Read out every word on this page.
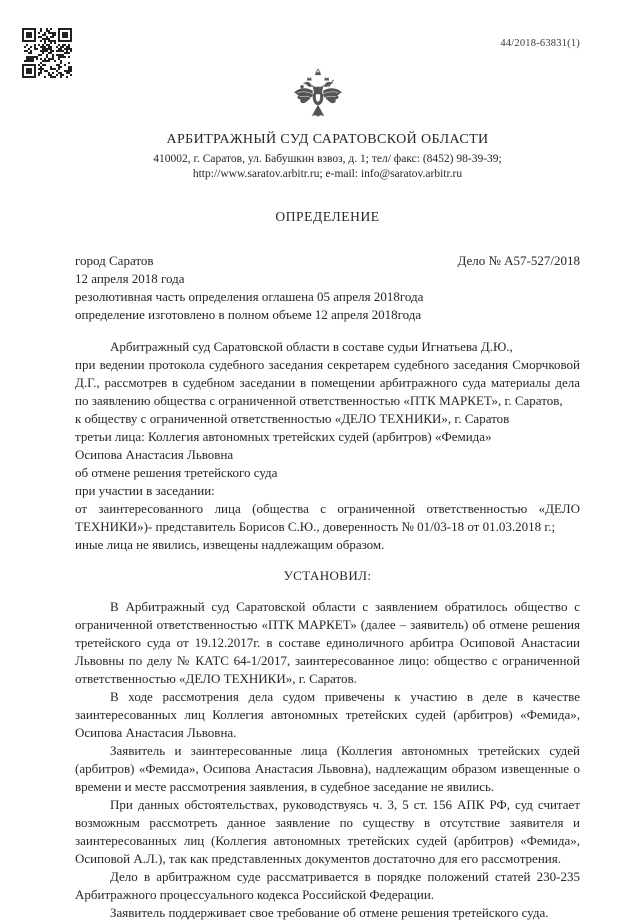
44/2018-63831(1)
АРБИТРАЖНЫЙ СУД САРАТОВСКОЙ ОБЛАСТИ
410002, г. Саратов, ул. Бабушкин взвоз, д. 1; тел/ факс: (8452) 98-39-39;
http://www.saratov.arbitr.ru; e-mail: info@saratov.arbitr.ru
ОПРЕДЕЛЕНИЕ
город Саратов	Дело № А57-527/2018

12 апреля 2018 года

резолютивная часть определения оглашена 05 апреля 2018года

определение изготовлено в полном объеме 12 апреля 2018года

Арбитражный суд Саратовской области в составе судьи Игнатьева Д.Ю.,

при ведении протокола судебного заседания секретарем судебного заседания Сморчковой Д.Г., рассмотрев в судебном заседании в помещении арбитражного суда материалы дела по заявлению общества с ограниченной ответственностью «ПТК МАРКЕТ», г. Саратов,

к обществу с ограниченной ответственностью «ДЕЛО ТЕХНИКИ», г. Саратов

третьи лица: Коллегия автономных третейских судей (арбитров) «Фемида»

Осипова Анастасия Львовна

об отмене решения третейского суда

при участии в заседании:

от заинтересованного лица (общества с ограниченной ответственностью «ДЕЛО ТЕХНИКИ»)- представитель Борисов С.Ю., доверенность № 01/03-18 от 01.03.2018 г.;

иные лица не явились, извещены надлежащим образом.

УСТАНОВИЛ:

В Арбитражный суд Саратовской области с заявлением обратилось общество с ограниченной ответственностью «ПТК МАРКЕТ» (далее – заявитель) об отмене решения третейского суда от 19.12.2017г. в составе единоличного арбитра Осиповой Анастасии Львовны по делу № КАТС 64-1/2017, заинтересованное лицо: общество с ограниченной ответственностью «ДЕЛО ТЕХНИКИ», г. Саратов.

В ходе рассмотрения дела судом привечены к участию в деле в качестве заинтересованных лиц Коллегия автономных третейских судей (арбитров) «Фемида», Осипова Анастасия Львовна.

Заявитель и заинтересованные лица (Коллегия автономных третейских судей (арбитров) «Фемида», Осипова Анастасия Львовна), надлежащим образом извещенные о времени и месте рассмотрения заявления, в судебное заседание не явились.

При данных обстоятельствах, руководствуясь ч. 3, 5 ст. 156 АПК РФ, суд считает возможным рассмотреть данное заявление по существу в отсутствие заявителя и заинтересованных лиц (Коллегия автономных третейских судей (арбитров) «Фемида», Осиповой А.Л.), так как представленных документов достаточно для его рассмотрения.

Дело в арбитражном суде рассматривается в порядке положений статей 230-235 Арбитражного процессуального кодекса Российской Федерации.

Заявитель поддерживает свое требование об отмене решения третейского суда.
